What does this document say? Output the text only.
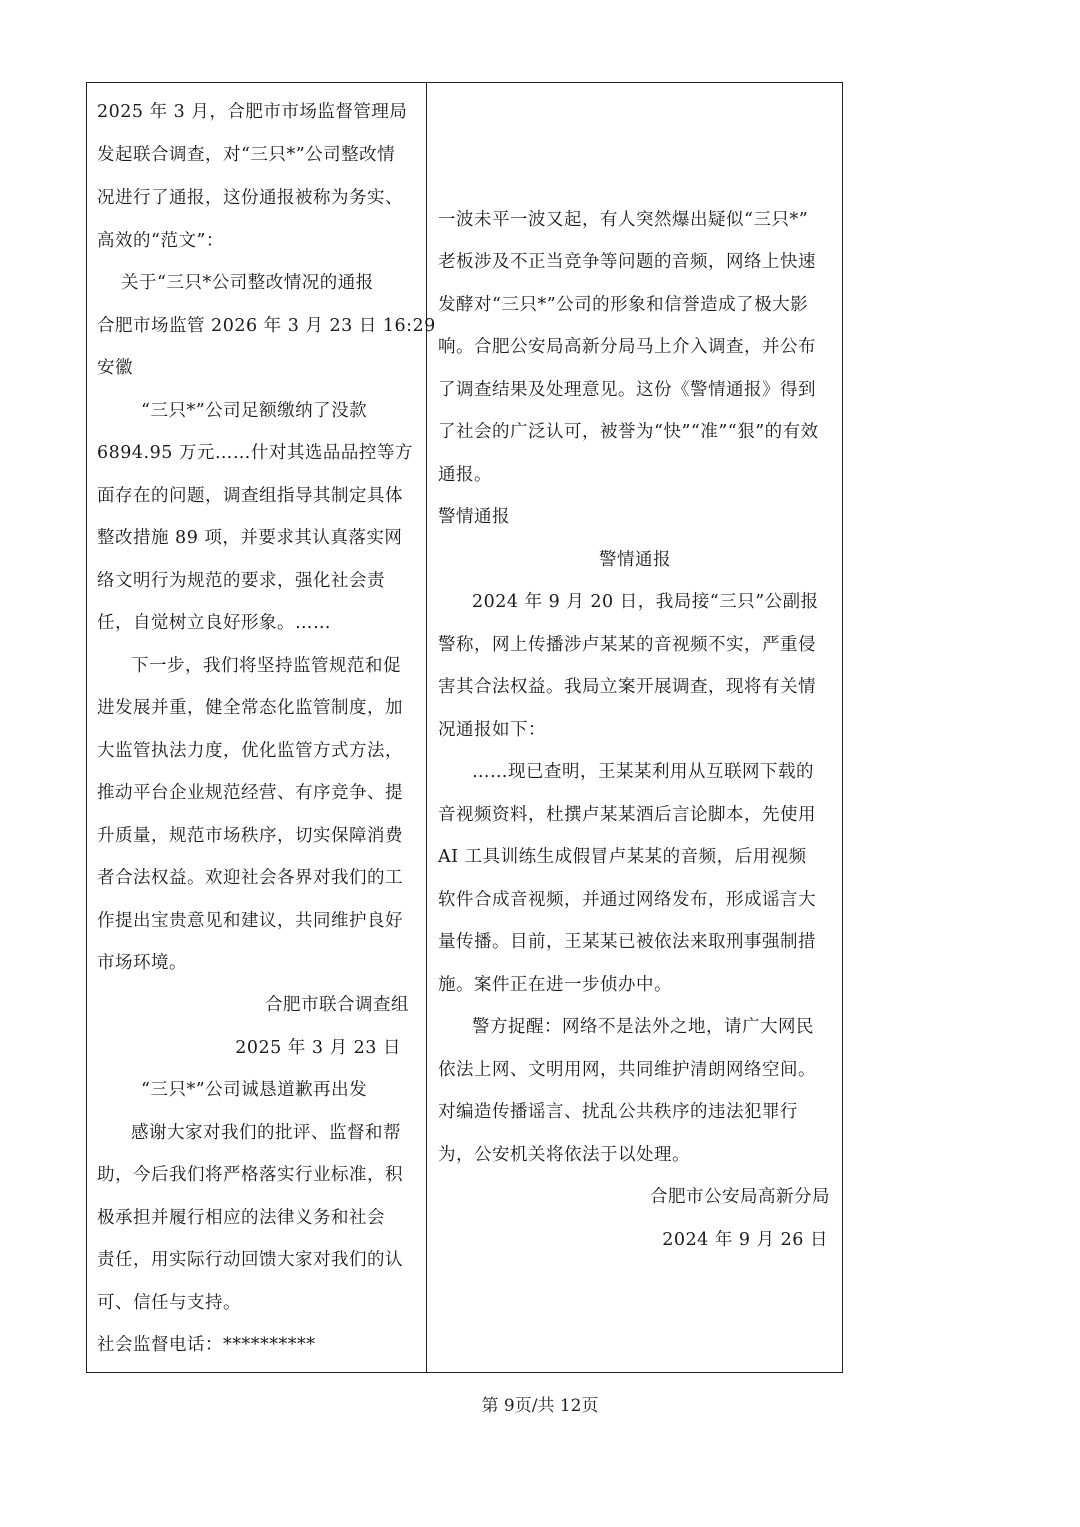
2025 年 3 月，合肥市市场监督管理局
发起联合调查，对“三只*”公司整改情
况进行了通报，这份通报被称为务实、
高效的“范文”：
关于“三只*公司整改情况的通报
合肥市场监管 2026 年 3 月 23 日 16:29
安徽
“三只*”公司足额缴纳了没款
6894.95 万元……什对其选品品控等方
面存在的问题，调查组指导其制定具体
整改措施 89 项，并要求其认真落实网
络文明行为规范的要求，强化社会责
任，自觉树立良好形象。……
下一步，我们将坚持监管规范和促
进发展并重，健全常态化监管制度，加
大监管执法力度，优化监管方式方法，
推动平台企业规范经营、有序竞争、提
升质量，规范市场秩序，切实保障消费
者合法权益。欢迎社会各界对我们的工
作提出宝贵意见和建议，共同维护良好
市场环境。
合肥市联合调查组
2025 年 3 月 23 日
“三只*”公司诚恳道歉再出发
感谢大家对我们的批评、监督和帮
助，今后我们将严格落实行业标准，积
极承担并履行相应的法律义务和社会
责任，用实际行动回馈大家对我们的认
可、信任与支持。
社会监督电话：**********
一波未平一波又起，有人突然爆出疑似“三只*”
老板涉及不正当竞争等问题的音频，网络上快速
发酵对“三只*”公司的形象和信誉造成了极大影
响。合肥公安局高新分局马上介入调查，并公布
了调查结果及处理意见。这份《警情通报》得到
了社会的广泛认可，被誉为“快”“准”“狠”的有效
通报。
警情通报
警情通报
2024 年 9 月 20 日，我局接“三只”公副报
警称，网上传播涉卢某某的音视频不实，严重侵
害其合法权益。我局立案开展调查，现将有关情
况通报如下：
……现已查明，王某某利用从互联网下载的
音视频资料，杜撰卢某某酒后言论脚本，先使用
AI 工具训练生成假冒卢某某的音频，后用视频
软件合成音视频，并通过网络发布，形成谣言大
量传播。目前，王某某已被依法来取刑事强制措
施。案件正在进一步侦办中。
警方捉醒：网络不是法外之地，请广大网民
依法上网、文明用网，共同维护清朗网络空间。
对编造传播谣言、扰乱公共秩序的违法犯罪行
为，公安机关将依法于以处理。
合肥市公安局高新分局
2024 年 9 月 26 日
第 9页/共 12页
